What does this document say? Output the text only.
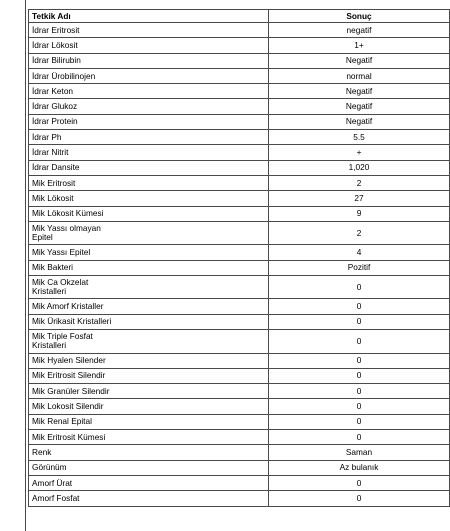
Tetkik Adı	Sonuç
İdrar Eritrosit	negatif
İdrar Lökosit	1+
İdrar Bilirubin	Negatif
İdrar Ürobilinojen	normal
İdrar Keton	Negatif
İdrar Glukoz	Negatif
İdrar Protein	Negatif
İdrar Ph	5.5
İdrar Nitrit	+
İdrar Dansite	1,020
Mik Eritrosit	2
Mik Lökosit	27
Mik Lökosit Kümesi	9
Mik Yassı olmayan Epitel	2
Mik Yassı Epitel	4
Mik Bakteri	Pozitif
Mik Ca Okzelat Kristalleri	0
Mik Amorf Kristaller	0
Mik Ürikasit Kristalleri	0
Mik Triple Fosfat Kristalleri	0
Mik Hyalen Silender	0
Mik Eritrosit Silendir	0
Mik Granüler Silendir	0
Mik Lokosit Silendir	0
Mik Renal Epital	0
Mik Eritrosit Kümesi	0
Renk	Saman
Görünüm	Az bulanık
Amorf Ürat	0
Amorf Fosfat	0
